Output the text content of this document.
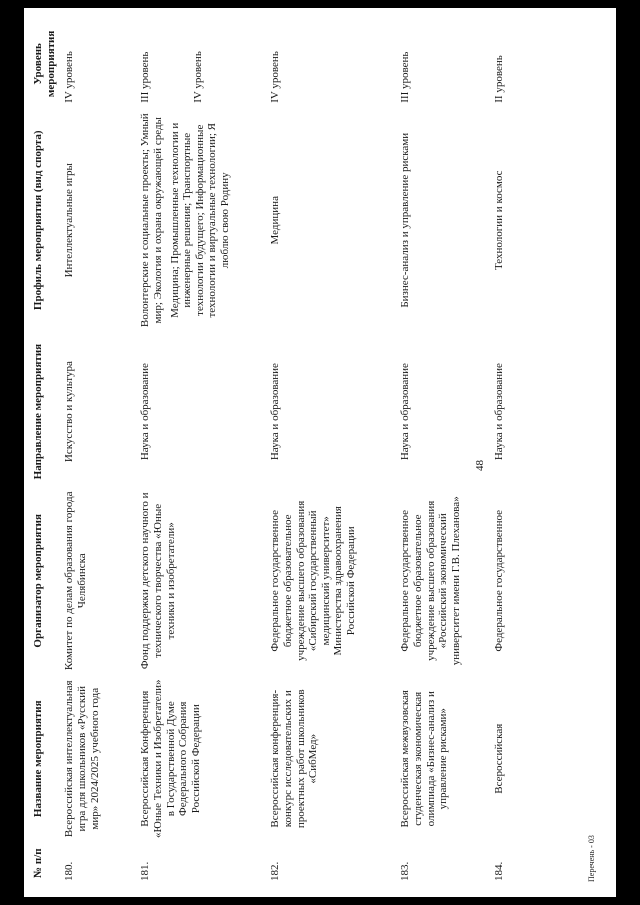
48
№ п/п	Название мероприятия	Организатор мероприятия	Направление мероприятия	Профиль мероприятия (вид спорта)	Уровень мероприятия
180.	Всероссийская интеллектуальная игра для школьников «Русский мир» 2024/2025 учебного года	Комитет по делам образования города Челябинска	Искусство и культура	Интеллектуальные игры	IV уровень

181.	Всероссийская Конференция «Юные Техники и Изобретатели» в Государственной Думе Федерального Собрания Российской Федерации	Фонд поддержки детского научного и технического творчества «Юные техники и изобретатели»	Наука и образование	Волонтерские и социальные проекты; Умный мир; Экология и охрана окружающей среды Медицина; Промышленные технологии и инженерные решения; Транспортные технологии будущего; Информационные технологии и виртуальные технологии; Я люблю свою Родину	III уровень IV уровень

182.	Всероссийская конференция-конкурс исследовательских и проектных работ школьников «СибМед»	Федеральное государственное бюджетное образовательное учреждение высшего образования «Сибирский государственный медицинский университет» Министерства здравоохранения Российской Федерации	Наука и образование	Медицина	IV уровень

183.	Всероссийская межвузовская студенческая экономическая олимпиада «Бизнес-анализ и управление рисками»	Федеральное государственное бюджетное образовательное учреждение высшего образования «Российский экономический университет имени Г.В. Плеханова»	Наука и образование	Бизнес-анализ и управление рисками	III уровень

184.	Всероссийская	Федеральное государственное	Наука и образование	Технологии и космос	II уровень
Перечень - 03
